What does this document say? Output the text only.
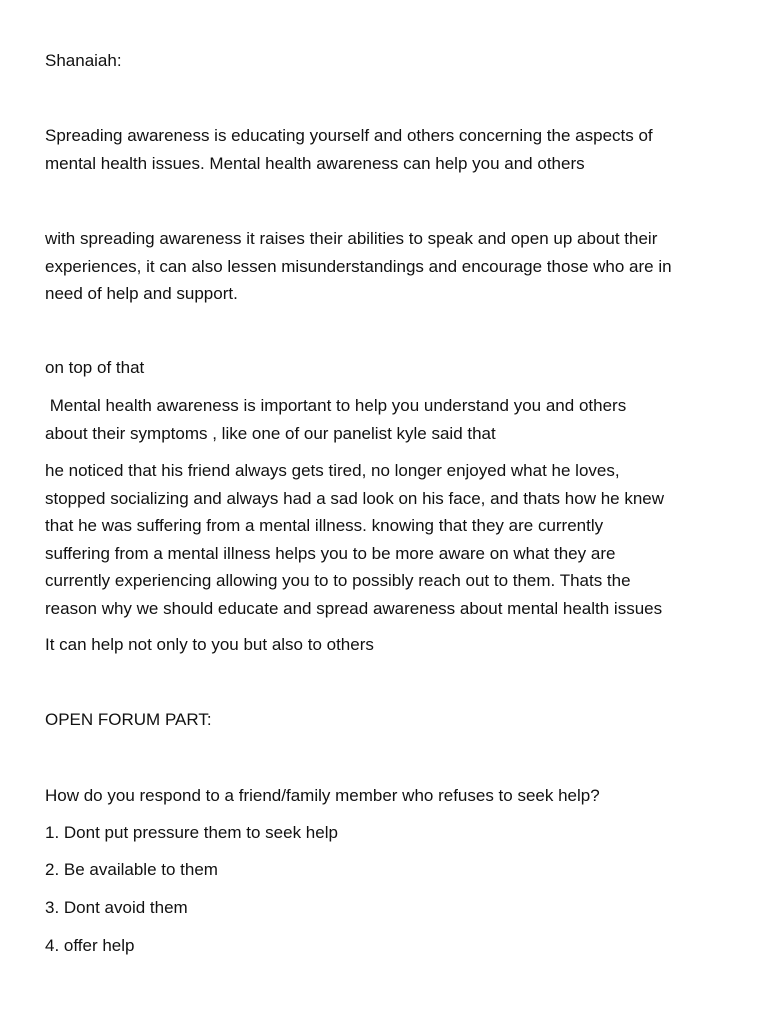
Shanaiah:
Spreading awareness is educating yourself and others concerning the aspects of
mental health issues. Mental health awareness can help you and others
with spreading awareness it raises their abilities to speak and open up about their
experiences, it can also lessen misunderstandings and encourage those who are in
need of help and support.
on top of that
Mental health awareness is important to help you understand you and others
about their symptoms , like one of our panelist kyle said that
he noticed that his friend always gets tired, no longer enjoyed what he loves,
stopped socializing and always had a sad look on his face, and thats how he knew
that he was suffering from a mental illness. knowing that they are currently
suffering from a mental illness helps you to be more aware on what they are
currently experiencing allowing you to to possibly reach out to them. Thats the
reason why we should educate and spread awareness about mental health issues
It can help not only to you but also to others
OPEN FORUM PART:
How do you respond to a friend/family member who refuses to seek help?
1. Dont put pressure them to seek help
2. Be available to them
3. Dont avoid them
4. offer help
